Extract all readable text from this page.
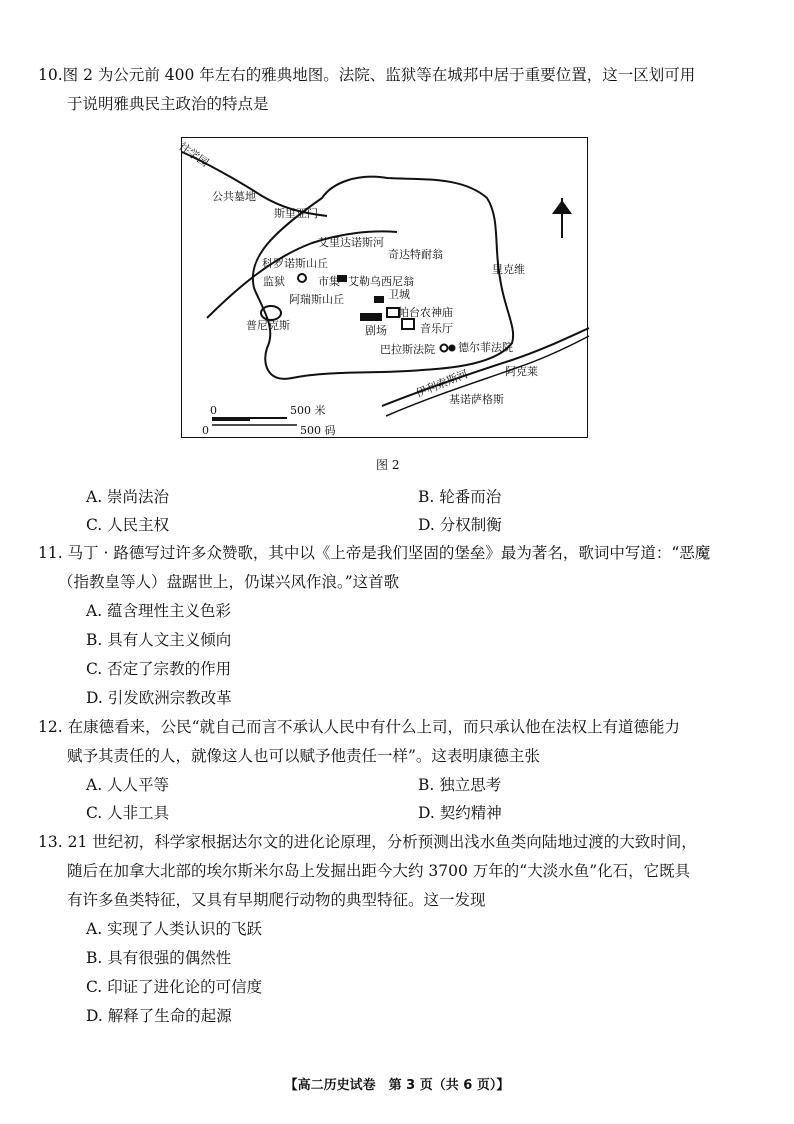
10.图 2 为公元前 400 年左右的雅典地图。法院、监狱等在城邦中居于重要位置，这一区划可用
于说明雅典民主政治的特点是
往学园
公共墓地
斯里亚门
艾里达诺斯河
科罗诺斯山丘
奇达特耐翁
监狱	市集 艾勒乌西尼翁
阿瑞斯山丘	卫城
帕台农神庙
里克维
普尼克斯	剧场	音乐厅
巴拉斯法院 德尔菲法院
伊利索斯河	阿克莱
基诺萨格斯
0	500 米
0	500 码
图 2
A. 崇尚法治	B. 轮番而治
C. 人民主权	D. 分权制衡
11. 马丁 · 路德写过许多众赞歌，其中以《上帝是我们坚固的堡垒》最为著名，歌词中写道：“恶魔
（指教皇等人）盘踞世上，仍谋兴风作浪。”这首歌
A. 蕴含理性主义色彩
B. 具有人文主义倾向
C. 否定了宗教的作用
D. 引发欧洲宗教改革
12. 在康德看来，公民“就自己而言不承认人民中有什么上司，而只承认他在法权上有道德能力
赋予其责任的人，就像这人也可以赋予他责任一样”。这表明康德主张
A. 人人平等	B. 独立思考
C. 人非工具	D. 契约精神
13. 21 世纪初，科学家根据达尔文的进化论原理，分析预测出浅水鱼类向陆地过渡的大致时间，
随后在加拿大北部的埃尔斯米尔岛上发掘出距今大约 3700 万年的“大淡水鱼”化石，它既具
有许多鱼类特征，又具有早期爬行动物的典型特征。这一发现
A. 实现了人类认识的飞跃
B. 具有很强的偶然性
C. 印证了进化论的可信度
D. 解释了生命的起源
【高二历史试卷　第 3 页（共 6 页）】
